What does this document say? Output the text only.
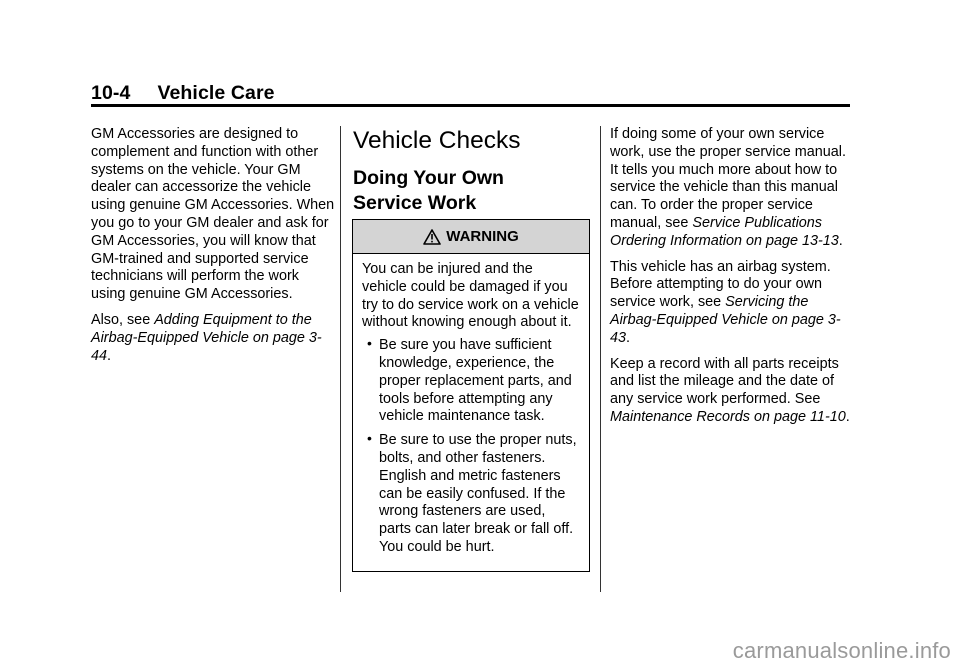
10-4 Vehicle Care

GM Accessories are designed to complement and function with other systems on the vehicle. Your GM dealer can accessorize the vehicle using genuine GM Accessories. When you go to your GM dealer and ask for GM Accessories, you will know that GM-trained and supported service technicians will perform the work using genuine GM Accessories.

Also, see Adding Equipment to the Airbag-Equipped Vehicle on page 3-44.

Vehicle Checks
Doing Your Own
Service Work
WARNING

You can be injured and the vehicle could be damaged if you try to do service work on a vehicle without knowing enough about it.

• Be sure you have sufficient knowledge, experience, the proper replacement parts, and tools before attempting any vehicle maintenance task.
• Be sure to use the proper nuts, bolts, and other fasteners. English and metric fasteners can be easily confused. If the wrong fasteners are used, parts can later break or fall off. You could be hurt.

If doing some of your own service work, use the proper service manual. It tells you much more about how to service the vehicle than this manual can. To order the proper service manual, see Service Publications Ordering Information on page 13-13.

This vehicle has an airbag system. Before attempting to do your own service work, see Servicing the Airbag-Equipped Vehicle on page 3-43.

Keep a record with all parts receipts and list the mileage and the date of any service work performed. See Maintenance Records on page 11-10.

carmanualsonline.info
